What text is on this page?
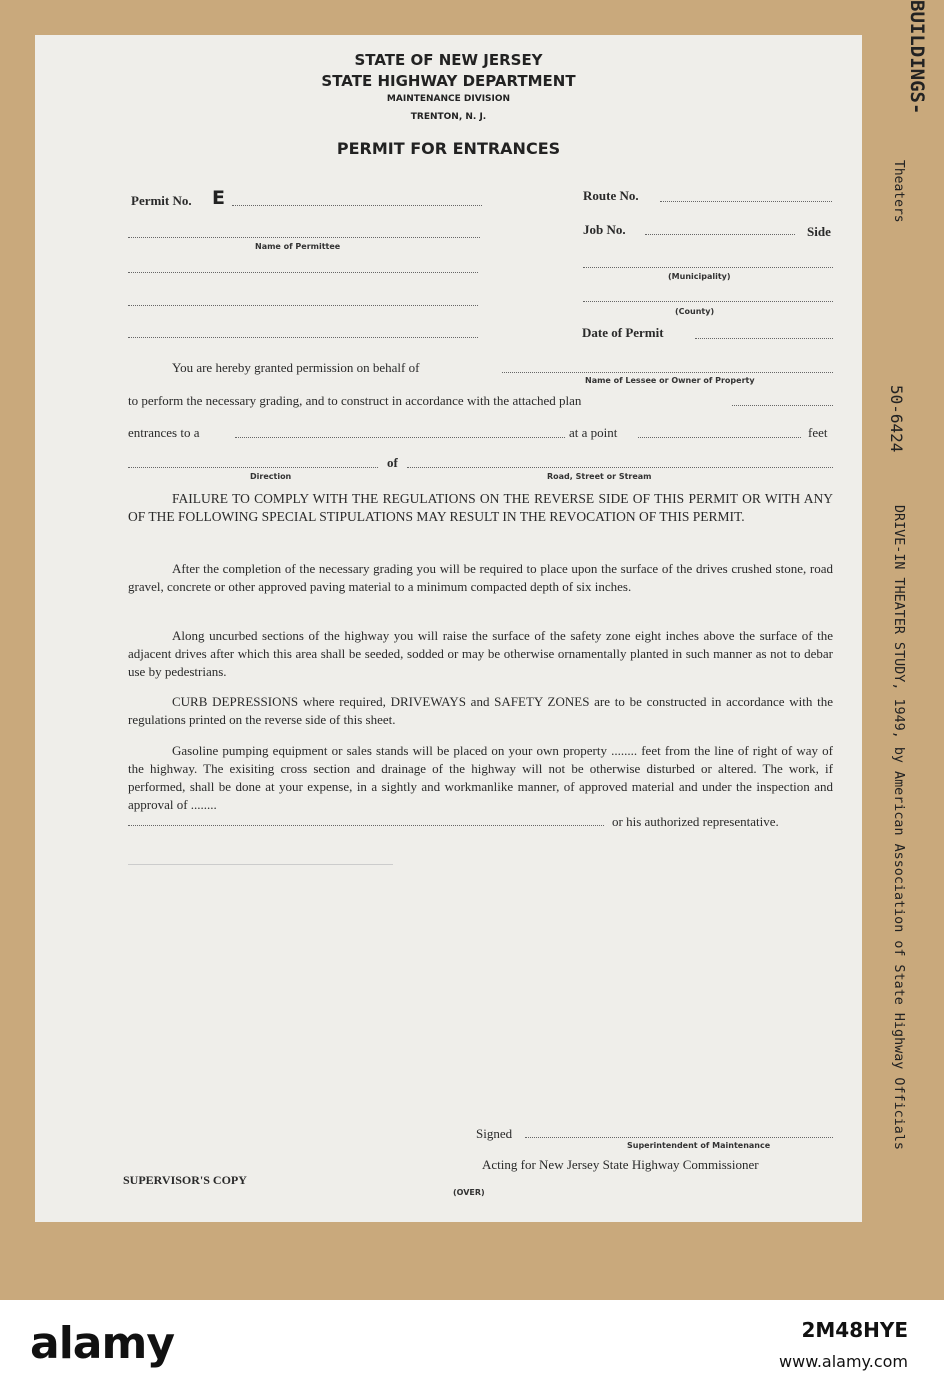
STATE OF NEW JERSEY
STATE HIGHWAY DEPARTMENT
MAINTENANCE DIVISION
TRENTON, N. J.
PERMIT FOR ENTRANCES
Permit No. E
Name of Permittee
Route No.
Job No.	Side
(Municipality)
(County)
Date of Permit
You are hereby granted permission on behalf of
Name of Lessee or Owner of Property
to perform the necessary grading, and to construct in accordance with the attached plan
entrances to a	at a point	feet
of
Direction	Road, Street or Stream
FAILURE TO COMPLY WITH THE REGULATIONS ON THE REVERSE SIDE OF THIS PERMIT OR WITH ANY OF THE FOLLOWING SPECIAL STIPULATIONS MAY RESULT IN THE REVOCATION OF THIS PERMIT.
After the completion of the necessary grading you will be required to place upon the surface of the drives crushed stone, road gravel, concrete or other approved paving material to a minimum compacted depth of six inches.
Along uncurbed sections of the highway you will raise the surface of the safety zone eight inches above the surface of the adjacent drives after which this area shall be seeded, sodded or may be otherwise ornamentally planted in such manner as not to debar use by pedestrians.
CURB DEPRESSIONS where required, DRIVEWAYS and SAFETY ZONES are to be constructed in accordance with the regulations printed on the reverse side of this sheet.
Gasoline pumping equipment or sales stands will be placed on your own property ........ feet from the line of right of way of the highway. The exisiting cross section and drainage of the highway will not be otherwise disturbed or altered. The work, if performed, shall be done at your expense, in a sightly and workmanlike manner, of approved material and under the inspection and approval of ........
or his authorized representative.
Signed
Superintendent of Maintenance
Acting for New Jersey State Highway Commissioner
SUPERVISOR'S COPY
(OVER)
BUILDINGS-
Theaters
50-6424
DRIVE-IN THEATER STUDY, 1949, by American Association of State Highway Officials
alamy	2M48HYE
www.alamy.com
